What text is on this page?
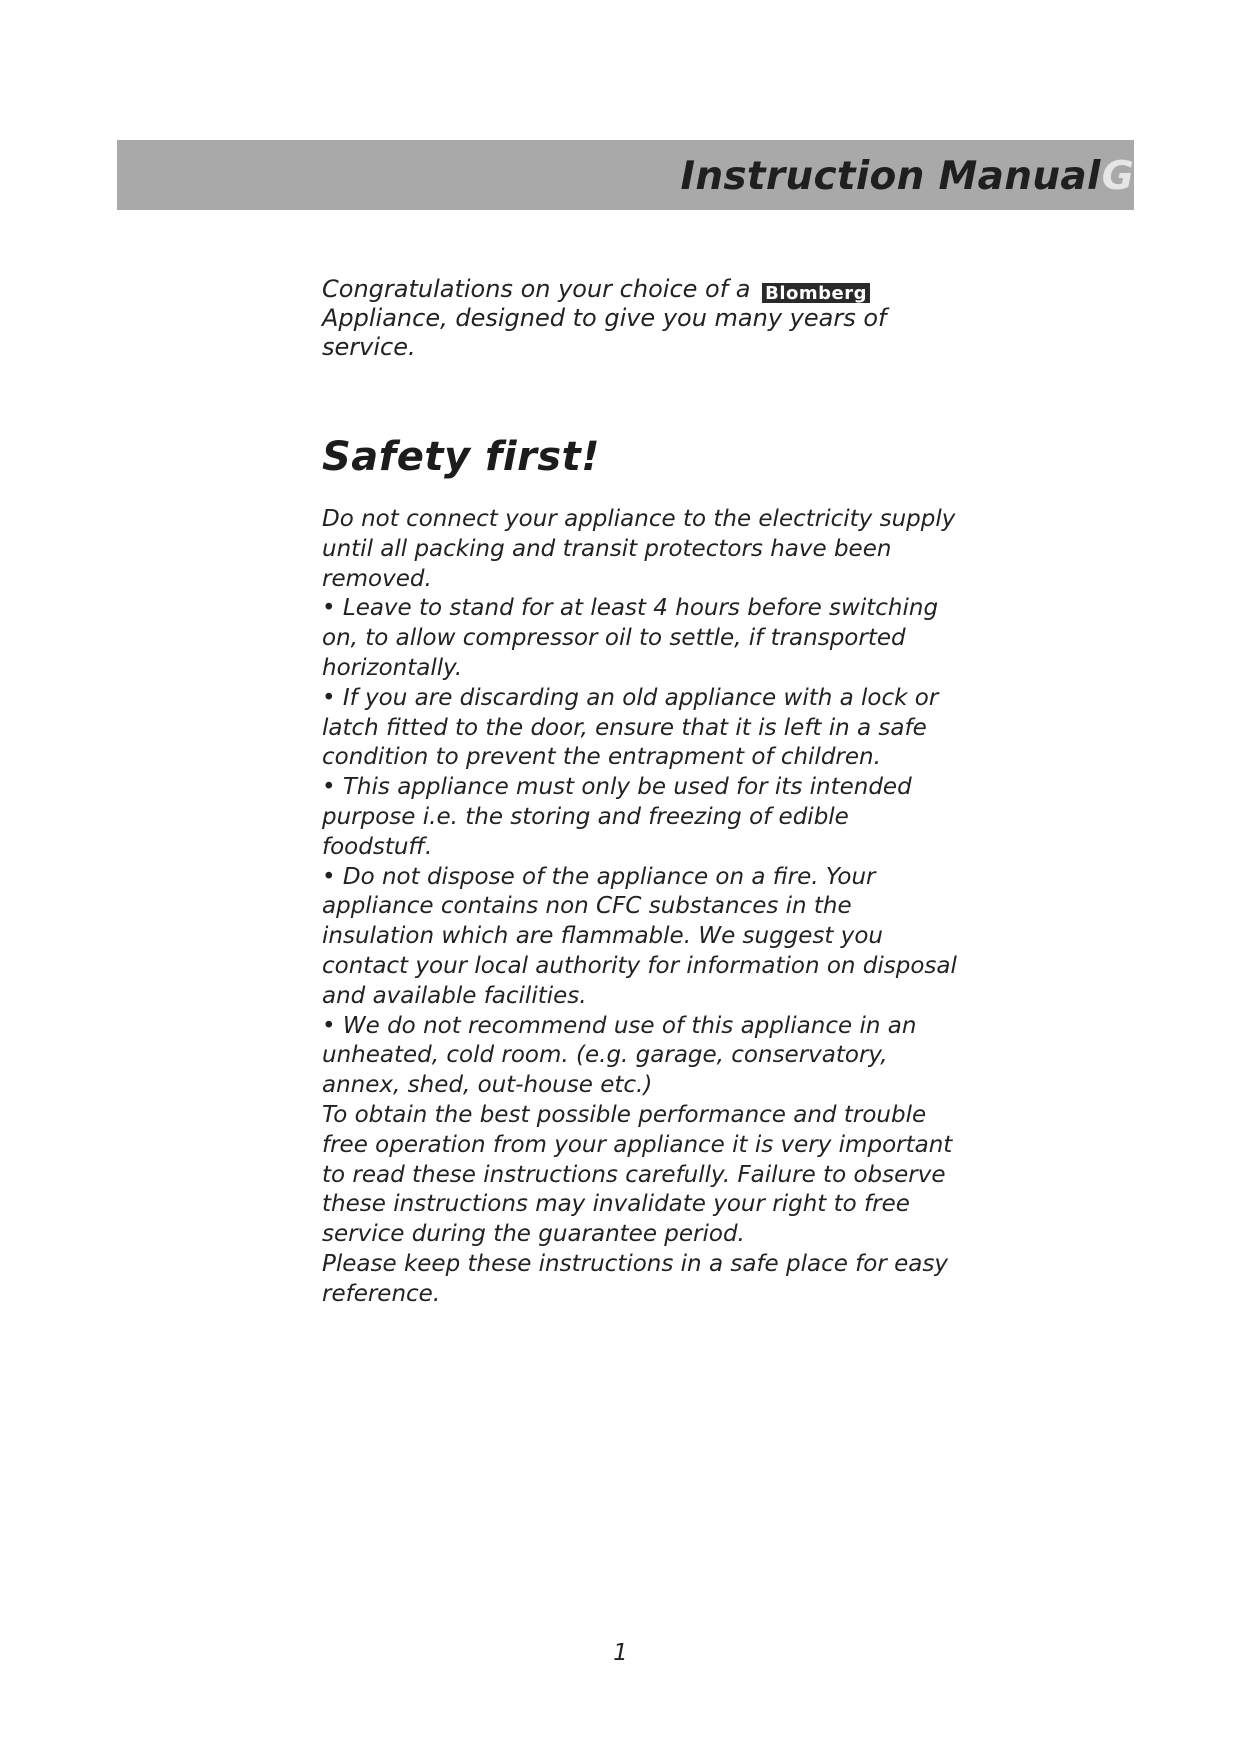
Instruction ManualG
Congratulations on your choice of a Blomberg
Appliance, designed to give you many years of service.
Safety first!

Do not connect your appliance to the electricity supply until all packing and transit protectors have been removed.

• Leave to stand for at least 4 hours before switching on, to allow compressor oil to settle, if transported horizontally.

• If you are discarding an old appliance with a lock or latch fitted to the door, ensure that it is left in a safe condition to prevent the entrapment of children.

• This appliance must only be used for its intended purpose i.e. the storing and freezing of edible foodstuff.

• Do not dispose of the appliance on a fire. Your appliance contains non CFC substances in the insulation which are flammable. We suggest you contact your local authority for information on disposal and available facilities.

• We do not recommend use of this appliance in an unheated, cold room. (e.g. garage, conservatory, annex, shed, out-house etc.)

To obtain the best possible performance and trouble free operation from your appliance it is very important to read these instructions carefully. Failure to observe these instructions may invalidate your right to free service during the guarantee period.

Please keep these instructions in a safe place for easy reference.

1
